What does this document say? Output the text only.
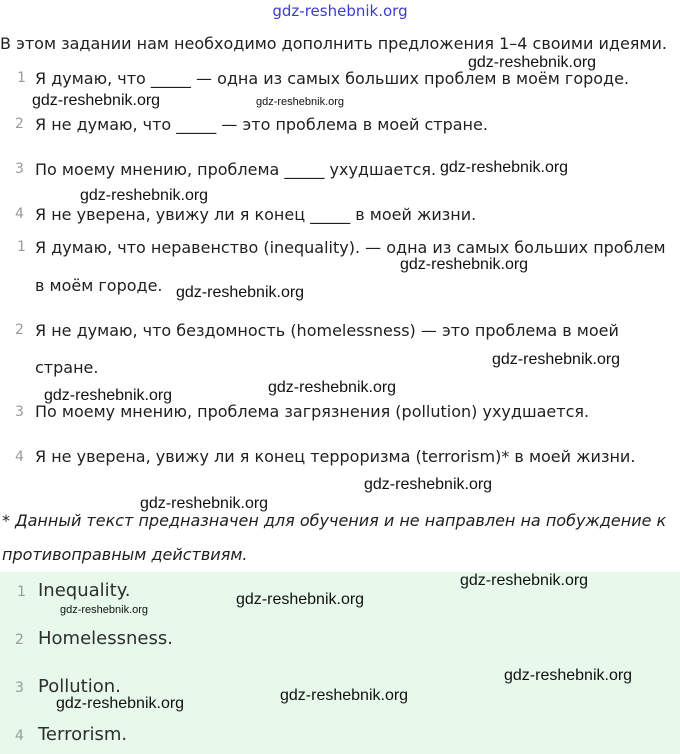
gdz-reshebnik.org
В этом задании нам необходимо дополнить предложения 1–4 своими идеями.
1 Я думаю, что _____ — одна из самых больших проблем в моём городе.
2 Я не думаю, что _____ — это проблема в моей стране.
3 По моему мнению, проблема _____ ухудшается.
4 Я не уверена, увижу ли я конец _____ в моей жизни.
1 Я думаю, что неравенство (inequality). — одна из самых больших проблем
в моём городе.
2 Я не думаю, что бездомность (homelessness) — это проблема в моей
стране.
3 По моему мнению, проблема загрязнения (pollution) ухудшается.
4 Я не уверена, увижу ли я конец терроризма (terrorism)* в моей жизни.
* Данный текст предназначен для обучения и не направлен на побуждение к
противоправным действиям.
1 Inequality.
2 Homelessness.
3 Pollution.
4 Terrorism.
gdz-reshebnik.org
gdz-reshebnik.org	gdz-reshebnik.org
gdz-reshebnik.org
gdz-reshebnik.org
gdz-reshebnik.org
gdz-reshebnik.org
gdz-reshebnik.org
gdz-reshebnik.org
gdz-reshebnik.org
gdz-reshebnik.org
gdz-reshebnik.org
gdz-reshebnik.org
gdz-reshebnik.org
gdz-reshebnik.org
gdz-reshebnik.org
gdz-reshebnik.org
gdz-reshebnik.org
